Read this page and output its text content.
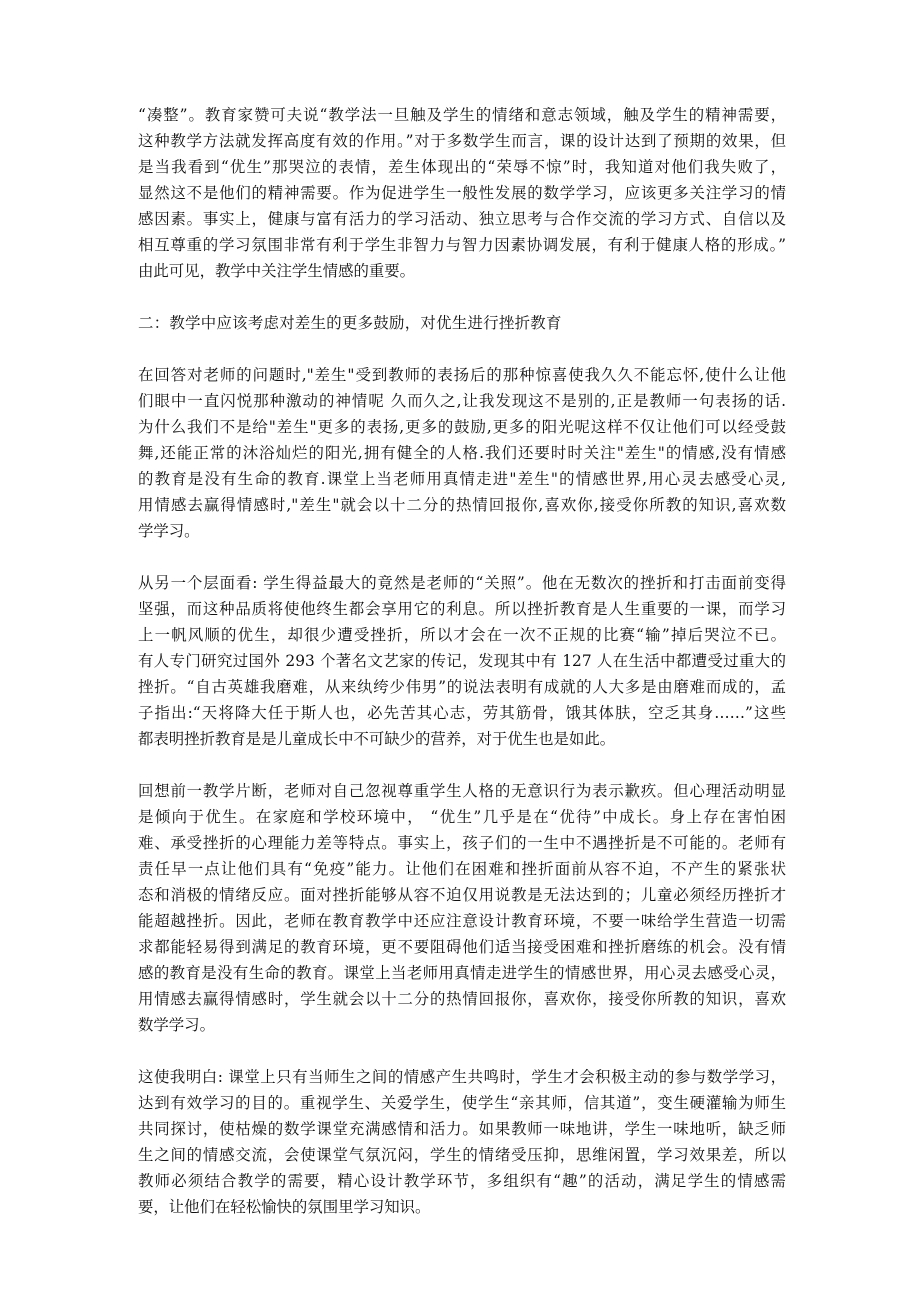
“凑整”。教育家赞可夫说“教学法一旦触及学生的情绪和意志领域，触及学生的精神需要，
这种教学方法就发挥高度有效的作用。”对于多数学生而言，课的设计达到了预期的效果，但
是当我看到“优生”那哭泣的表情，差生体现出的“荣辱不惊”时，我知道对他们我失败了，
显然这不是他们的精神需要。作为促进学生一般性发展的数学学习，应该更多关注学习的情
感因素。事实上，健康与富有活力的学习活动、独立思考与合作交流的学习方式、自信以及
相互尊重的学习氛围非常有利于学生非智力与智力因素协调发展，有利于健康人格的形成。”
由此可见，教学中关注学生情感的重要。
二：教学中应该考虑对差生的更多鼓励，对优生进行挫折教育
在回答对老师的问题时,"差生"受到教师的表扬后的那种惊喜使我久久不能忘怀,使什么让他
们眼中一直闪悦那种激动的神情呢 久而久之,让我发现这不是别的,正是教师一句表扬的话.
为什么我们不是给"差生"更多的表扬,更多的鼓励,更多的阳光呢这样不仅让他们可以经受鼓
舞,还能正常的沐浴灿烂的阳光,拥有健全的人格.我们还要时时关注"差生"的情感,没有情感
的教育是没有生命的教育.课堂上当老师用真情走进"差生"的情感世界,用心灵去感受心灵,
用情感去赢得情感时,"差生"就会以十二分的热情回报你,喜欢你,接受你所教的知识,喜欢数
学学习。
从另一个层面看: 学生得益最大的竟然是老师的“关照”。他在无数次的挫折和打击面前变得
坚强，而这种品质将使他终生都会享用它的利息。所以挫折教育是人生重要的一课，而学习
上一帆风顺的优生，却很少遭受挫折，所以才会在一次不正规的比赛“输”掉后哭泣不已。
有人专门研究过国外 293 个著名文艺家的传记，发现其中有 127 人在生活中都遭受过重大的
挫折。“自古英雄我磨难，从来纨绔少伟男”的说法表明有成就的人大多是由磨难而成的，孟
子指出:“天将降大任于斯人也，必先苦其心志，劳其筋骨，饿其体肤，空乏其身……”这些
都表明挫折教育是是儿童成长中不可缺少的营养，对于优生也是如此。
回想前一教学片断，老师对自己忽视尊重学生人格的无意识行为表示歉疚。但心理活动明显
是倾向于优生。在家庭和学校环境中， “优生”几乎是在“优待”中成长。身上存在害怕困
难、承受挫折的心理能力差等特点。事实上，孩子们的一生中不遇挫折是不可能的。老师有
责任早一点让他们具有“免疫”能力。让他们在困难和挫折面前从容不迫，不产生的紧张状
态和消极的情绪反应。面对挫折能够从容不迫仅用说教是无法达到的；儿童必须经历挫折才
能超越挫折。因此，老师在教育教学中还应注意设计教育环境，不要一味给学生营造一切需
求都能轻易得到满足的教育环境，更不要阻碍他们适当接受困难和挫折磨练的机会。没有情
感的教育是没有生命的教育。课堂上当老师用真情走进学生的情感世界，用心灵去感受心灵，
用情感去赢得情感时，学生就会以十二分的热情回报你，喜欢你，接受你所教的知识，喜欢
数学学习。
这使我明白: 课堂上只有当师生之间的情感产生共鸣时，学生才会积极主动的参与数学学习，
达到有效学习的目的。重视学生、关爱学生，使学生“亲其师，信其道”，变生硬灌输为师生
共同探讨，使枯燥的数学课堂充满感情和活力。如果教师一味地讲，学生一味地听，缺乏师
生之间的情感交流，会使课堂气氛沉闷，学生的情绪受压抑，思维闲置，学习效果差，所以
教师必须结合教学的需要，精心设计教学环节，多组织有“趣”的活动，满足学生的情感需
要，让他们在轻松愉快的氛围里学习知识。
